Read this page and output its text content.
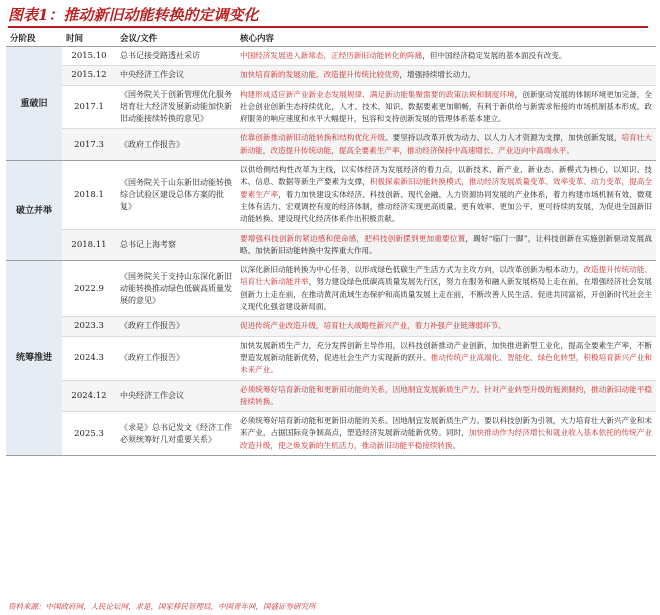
图表1：推动新旧动能转换的定调变化
分阶段	时间	会议/文件	核心内容
重破旧	2015.10	总书记接受路透社采访	中国经济发展进入新常态，正经历新旧动能转化的阵痛，但中国经济稳定发展的基本面没有改变。
	2015.12	中央经济工作会议	加快培育新的发展动能，改造提升传统比较优势，增强持续增长动力。
	2017.1	《国务院关于创新管理优化服务培育壮大经济发展新动能加快新旧动能接续转换的意见》	构建形成适应新产业新业态发展规律、满足新动能集聚需要的政策法规和制度环境，创新驱动发展的体制环境更加完备，全社会创业创新生态持续优化，人才、技术、知识、数据要素更加顺畅，有利于新供给与新需求衔接的市场机制基本形成，政府服务的响应速度和水平大幅提升，包容和支持创新发展的管理体系基本建立。
	2017.3	《政府工作报告》	依靠创新推动新旧动能转换和结构优化升级。要坚持以改革开放为动力、以人力人才资源为支撑，加快创新发展，培育壮大新动能，改造提升传统动能，提高全要素生产率，推动经济保持中高速增长、产业迈向中高端水平。
破立并举	2018.1	《国务院关于山东新旧动能转换综合试验区建设总体方案的批复》	以供给侧结构性改革为主线，以实体经济为发展经济的着力点，以新技术、新产业、新业态、新模式为核心，以知识、技术、信息、数据等新生产要素为支撑，积极探索新旧动能转换模式，推动经济发展质量变革、效率变革、动力变革，提高全要素生产率，着力加快建设实体经济、科技创新、现代金融、人力资源协同发展的产业体系，着力构建市场机制有效、微观主体有活力、宏观调控有度的经济体制，推动经济实现更高质量、更有效率、更加公平、更可持续的发展，为促进全国新旧动能转换、建设现代化经济体系作出积极贡献。
	2018.11	总书记上海考察	要增强科技创新的紧迫感和使命感，把科技创新摆到更加重要位置，踢好“临门一脚”，让科技创新在实施创新驱动发展战略、加快新旧动能转换中发挥重大作用。
统筹推进	2022.9	《国务院关于支持山东深化新旧动能转换推动绿色低碳高质量发展的意见》	以深化新旧动能转换为中心任务，以形成绿色低碳生产生活方式为主攻方向，以改革创新为根本动力，改造提升传统动能、培育壮大新动能并举，努力建设绿色低碳高质量发展先行区，努力在服务和融入新发展格局上走在前，在增强经济社会发展创新力上走在前，在推动黄河流域生态保护和高质量发展上走在前，不断改善人民生活、促进共同富裕，开创新时代社会主义现代化强省建设新局面。
	2023.3	《政府工作报告》	促进传统产业改造升级，培育壮大战略性新兴产业，着力补强产业链薄弱环节。
	2024.3	《政府工作报告》	加快发展新质生产力，充分发挥创新主导作用，以科技创新推动产业创新，加快推进新型工业化，提高全要素生产率，不断塑造发展新动能新优势，促进社会生产力实现新的跃升。推动传统产业高端化、智能化、绿色化转型，积极培育新兴产业和未来产业。
	2024.12	中央经济工作会议	必须统筹好培育新动能和更新旧动能的关系，因地制宜发展新质生产力。针对产业转型升级的瓶颈制约，推动新旧动能平稳接续转换。
	2025.3	《求是》总书记发文《经济工作必须统筹好几对重要关系》	必须统筹好培育新动能和更新旧动能的关系。因地制宜发展新质生产力。要以科技创新为引领，大力培育壮大新兴产业和未来产业，占据国际竞争制高点，塑造经济发展新动能新优势。同时，加快推动作为经济增长和就业收入基本依托的传统产业改造升级，使之焕发新的生机活力，推动新旧动能平稳接续转换。
资料来源：中国政府网，人民论坛网，求是，国家移民管理局，中国青年网，国盛证券研究所
